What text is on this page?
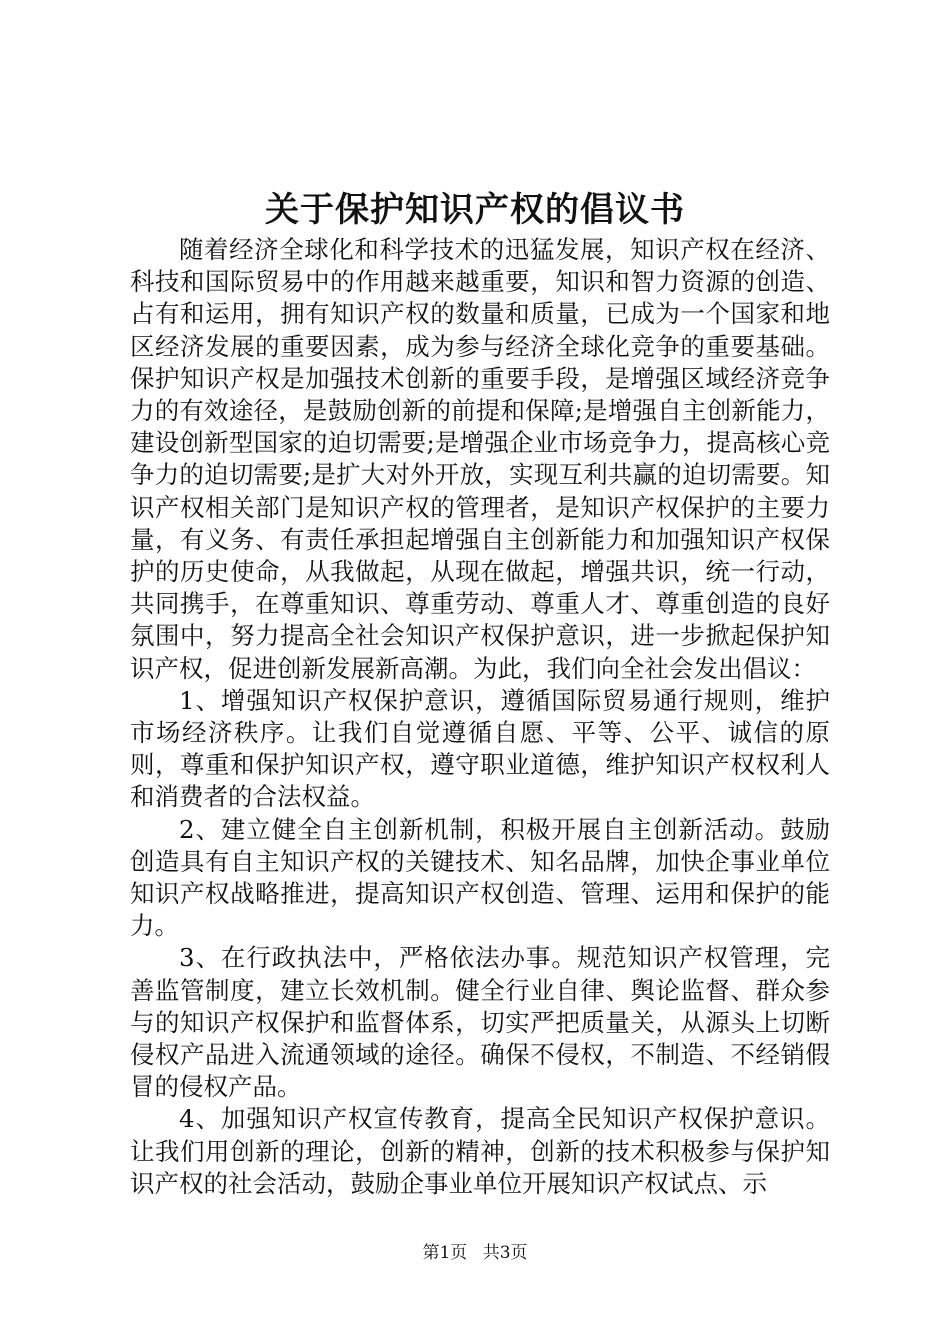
关于保护知识产权的倡议书

随着经济全球化和科学技术的迅猛发展，知识产权在经济、科技和国际贸易中的作用越来越重要，知识和智力资源的创造、占有和运用，拥有知识产权的数量和质量，已成为一个国家和地区经济发展的重要因素，成为参与经济全球化竞争的重要基础。保护知识产权是加强技术创新的重要手段，是增强区域经济竞争力的有效途径，是鼓励创新的前提和保障;是增强自主创新能力，建设创新型国家的迫切需要;是增强企业市场竞争力，提高核心竞争力的迫切需要;是扩大对外开放，实现互利共赢的迫切需要。知识产权相关部门是知识产权的管理者，是知识产权保护的主要力量，有义务、有责任承担起增强自主创新能力和加强知识产权保护的历史使命，从我做起，从现在做起，增强共识，统一行动，共同携手，在尊重知识、尊重劳动、尊重人才、尊重创造的良好氛围中，努力提高全社会知识产权保护意识，进一步掀起保护知识产权，促进创新发展新高潮。为此，我们向全社会发出倡议：

1、增强知识产权保护意识，遵循国际贸易通行规则，维护市场经济秩序。让我们自觉遵循自愿、平等、公平、诚信的原则，尊重和保护知识产权，遵守职业道德，维护知识产权权利人和消费者的合法权益。

2、建立健全自主创新机制，积极开展自主创新活动。鼓励创造具有自主知识产权的关键技术、知名品牌，加快企事业单位知识产权战略推进，提高知识产权创造、管理、运用和保护的能力。

3、在行政执法中，严格依法办事。规范知识产权管理，完善监管制度，建立长效机制。健全行业自律、舆论监督、群众参与的知识产权保护和监督体系，切实严把质量关，从源头上切断侵权产品进入流通领域的途径。确保不侵权，不制造、不经销假冒的侵权产品。

4、加强知识产权宣传教育，提高全民知识产权保护意识。让我们用创新的理论，创新的精神，创新的技术积极参与保护知识产权的社会活动，鼓励企事业单位开展知识产权试点、示

第1页 共3页
